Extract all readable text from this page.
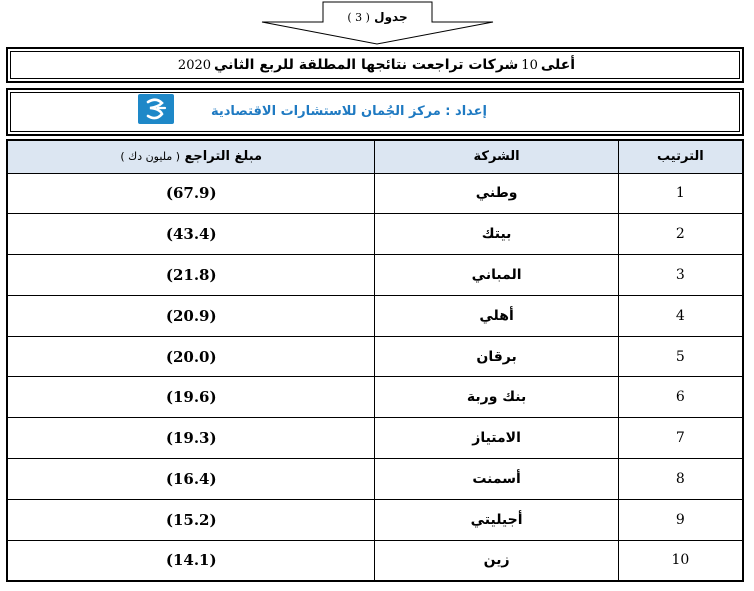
جدول ( 3 )
أعلى
10
شركات تراجعت نتائجها المطلقة للربع الثاني
2020
إعداد : مركز الجُمان للاستشارات الاقتصادية
الترتيب	الشركة	مبلغ التراجع ( مليون دك )
1	وطني	(67.9)
2	بيتك	(43.4)
3	المباني	(21.8)
4	أهلي	(20.9)
5	برقان	(20.0)
6	بنك وربة	(19.6)
7	الامتياز	(19.3)
8	أسمنت	(16.4)
9	أجيليتي	(15.2)
10	زين	(14.1)
